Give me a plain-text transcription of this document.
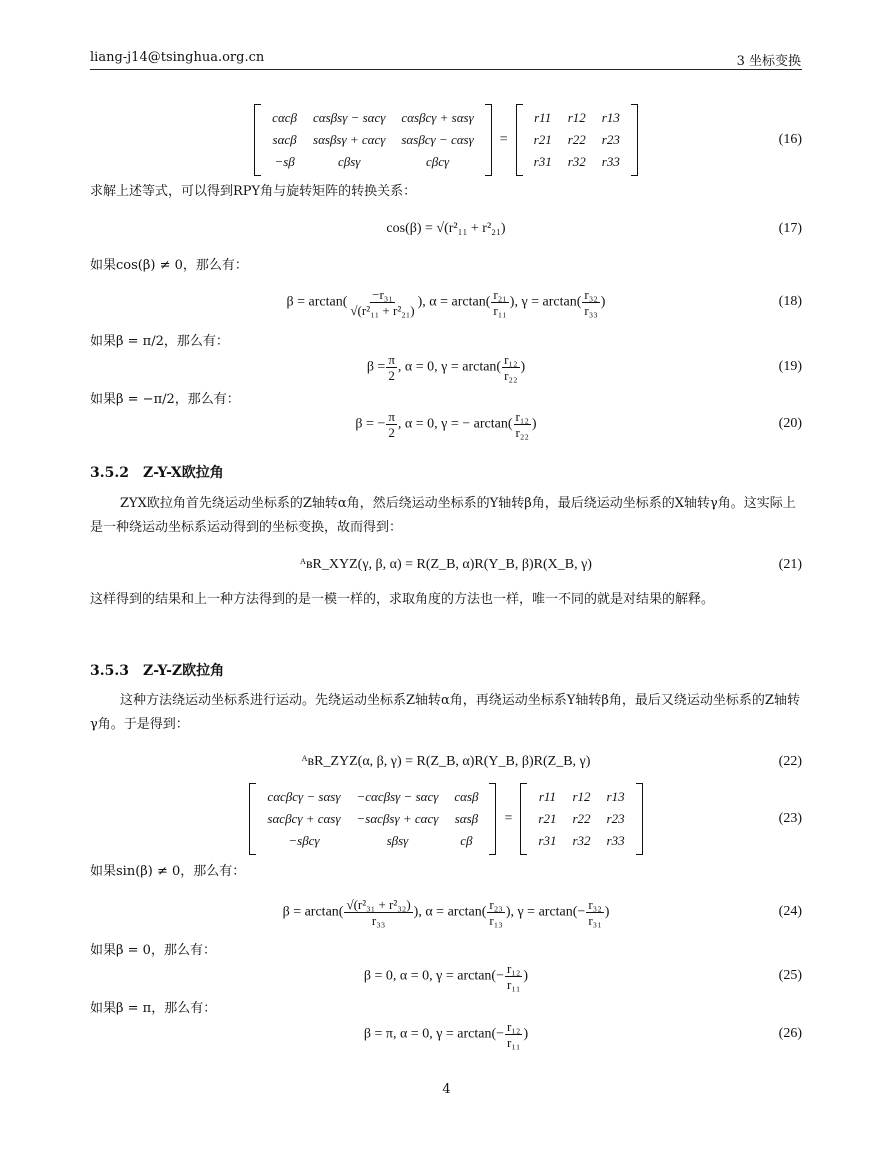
liang-j14@tsinghua.org.cn	3 坐标变换
cαcβ	cαsβsγ − sαcγ	cαsβcγ + sαsγ
sαcβ	sαsβsγ + cαcγ	sαsβcγ − cαsγ
−sβ	cβsγ	cβcγ
=
r11	r12	r13
r21	r22	r23
r31	r32	r33
(16)
求解上述等式，可以得到RPY角与旋转矩阵的转换关系：
cos(β) = √(r²₁₁ + r²₂₁)	(17)
如果cos(β) ≠ 0，那么有：
$\beta = \arctan( \frac{\text{−r₃₁}}{\text{√(r²₁₁ + r²₂₁)}}$ ), $\alpha = \arctan( \frac{\text{r₂₁}}{\text{r₁₁}}$ ), $\gamma = \arctan( \frac{\text{r₃₂}}{\text{r₃₃}}$ )	(18)
如果β = π/2，那么有：
$\beta = \frac{\pi}{2}$ , α = 0, $\gamma = \arctan( \frac{\text{r₁₂}}{\text{r₂₂}}$ )	(19)
如果β = −π/2，那么有：
β = − $\frac{\pi}{2}$ , α = 0, γ = − $\arctan( \frac{\text{r₁₂}}{\text{r₂₂}}$ )	(20)
3.5.2 Z-Y-X欧拉角
ZYX欧拉角首先绕运动坐标系的Z轴转α角，然后绕运动坐标系的Y轴转β角，最后绕运动坐标系的X轴转γ角。这实际上是一种绕运动坐标系运动得到的坐标变换，故而得到：
ᴬʙR_XYZ(γ, β, α) = R(Z_B, α)R(Y_B, β)R(X_B, γ)	(21)
这样得到的结果和上一种方法得到的是一模一样的，求取角度的方法也一样，唯一不同的就是对结果的解释。
3.5.3 Z-Y-Z欧拉角
这种方法绕运动坐标系进行运动。先绕运动坐标系Z轴转α角，再绕运动坐标系Y轴转β角，最后又绕运动坐标系的Z轴转γ角。于是得到：
ᴬʙR_ZYZ(α, β, γ) = R(Z_B, α)R(Y_B, β)R(Z_B, γ)	(22)
cαcβcγ − sαsγ	−cαcβsγ − sαcγ	cαsβ
sαcβcγ + cαsγ	−sαcβsγ + cαcγ	sαsβ
−sβcγ	sβsγ	cβ
=
r11	r12	r13
r21	r22	r23
r31	r32	r33
(23)
如果sin(β) ≠ 0，那么有：
$\beta = \arctan( \frac{\text{√(r²₃₁ + r²₃₂)}}{\text{r₃₃}}$ ), $\alpha = \arctan( \frac{\text{r₂₃}}{\text{r₁₃}}$ ), $\gamma = \arctan(- \frac{\text{r₃₂}}{\text{r₃₁}}$ )	(24)
如果β = 0，那么有：
β = 0, α = 0, $\gamma = \arctan(- \frac{\text{r₁₂}}{\text{r₁₁}}$ )	(25)
如果β = π，那么有：
β = π, α = 0, $\gamma = \arctan(- \frac{\text{r₁₂}}{\text{r₁₁}}$ )	(26)
4
